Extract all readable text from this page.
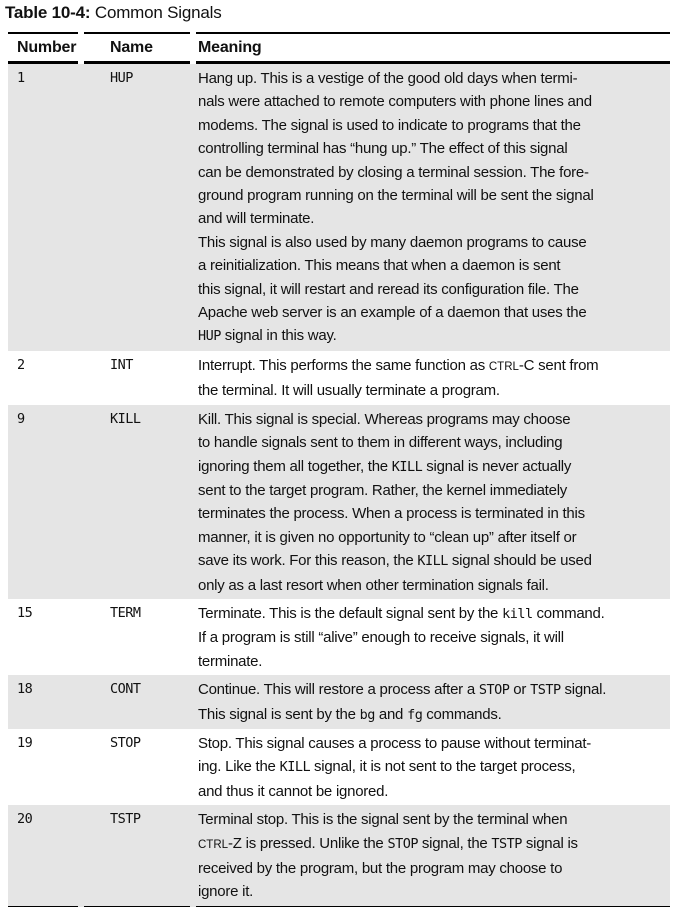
Table 10-4: Common Signals

Number	Name	Meaning
1	HUP	Hang up. This is a vestige of the good old days when termi-
nals were attached to remote computers with phone lines and
modems. The signal is used to indicate to programs that the
controlling terminal has “hung up.” The effect of this signal
can be demonstrated by closing a terminal session. The fore-
ground program running on the terminal will be sent the signal
and will terminate.
This signal is also used by many daemon programs to cause
a reinitialization. This means that when a daemon is sent
this signal, it will restart and reread its configuration file. The
Apache web server is an example of a daemon that uses the
HUP signal in this way.
2	INT	Interrupt. This performs the same function as CTRL-C sent from
the terminal. It will usually terminate a program.
9	KILL	Kill. This signal is special. Whereas programs may choose
to handle signals sent to them in different ways, including
ignoring them all together, the KILL signal is never actually
sent to the target program. Rather, the kernel immediately
terminates the process. When a process is terminated in this
manner, it is given no opportunity to “clean up” after itself or
save its work. For this reason, the KILL signal should be used
only as a last resort when other termination signals fail.
15	TERM	Terminate. This is the default signal sent by the kill command.
If a program is still “alive” enough to receive signals, it will
terminate.
18	CONT	Continue. This will restore a process after a STOP or TSTP signal.
This signal is sent by the bg and fg commands.
19	STOP	Stop. This signal causes a process to pause without terminat-
ing. Like the KILL signal, it is not sent to the target process,
and thus it cannot be ignored.
20	TSTP	Terminal stop. This is the signal sent by the terminal when
CTRL-Z is pressed. Unlike the STOP signal, the TSTP signal is
received by the program, but the program may choose to
ignore it.
